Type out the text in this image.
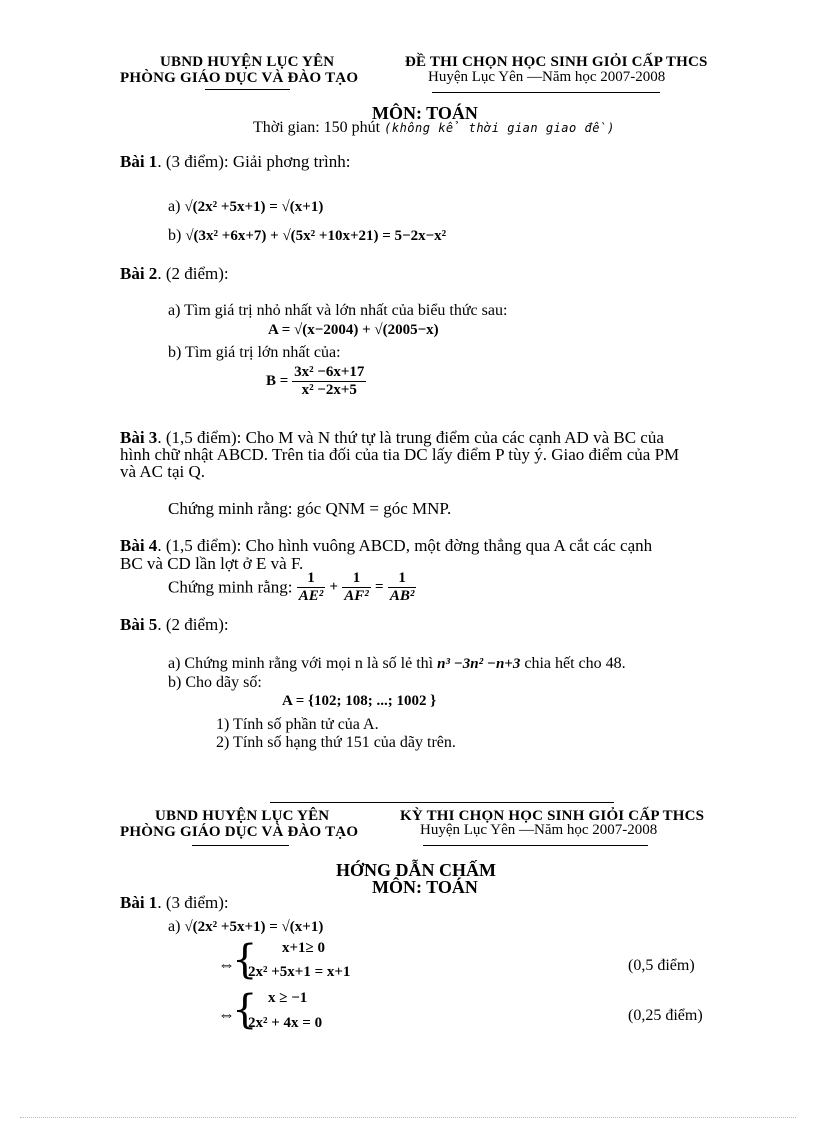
UBND HUYỆN LỤC YÊN
PHÒNG GIÁO DỤC VÀ ĐÀO TẠO
ĐỀ THI CHỌN HỌC SINH GIỎI CẤP THCS
Huyện Lục Yên —Năm học 2007-2008
MÔN: TOÁN
Thời gian: 150 phút (không kể thời gian giao đề)
Bài 1. (3 điểm): Giải phơng trình:
a) √(2x² +5x+1) = √(x+1)
b) √(3x² +6x+7) + √(5x² +10x+21) = 5−2x−x²
Bài 2. (2 điểm):
a) Tìm giá trị nhỏ nhất và lớn nhất của biểu thức sau:
A = √(x−2004) + √(2005−x)
b) Tìm giá trị lớn nhất của:
$B = \frac{\text{3x² −6x+17}}{\text{x² −2x+5}}$
Bài 3. (1,5 điểm): Cho M và N thứ tự là trung điểm của các cạnh AD và BC của
hình chữ nhật ABCD. Trên tia đối của tia DC lấy điểm P tùy ý. Giao điểm của PM
và AC tại Q.
Chứng minh rằng: góc QNM = góc MNP.
Bài 4. (1,5 điểm): Cho hình vuông ABCD, một đờng thẳng qua A cắt các cạnh
BC và CD lần lợt ở E và F.
Chứng minh rằng: $\frac{1}{\text{AE²}} + \frac{1}{\text{AF²}} = \frac{1}{\text{AB²}}$
Bài 5. (2 điểm):
a) Chứng minh rằng với mọi n là số lẻ thì n³ −3n² −n+3 chia hết cho 48.
b) Cho dãy số:
A = {102; 108; ...; 1002 }
1) Tính số phần tử của A.
2) Tính số hạng thứ 151 của dãy trên.
UBND HUYỆN LỤC YÊN
PHÒNG GIÁO DỤC VÀ ĐÀO TẠO
KỲ THI CHỌN HỌC SINH GIỎI CẤP THCS
Huyện Lục Yên —Năm học 2007-2008
HỚNG DẪN CHẤM
MÔN: TOÁN
Bài 1. (3 điểm):
a) √(2x² +5x+1) = √(x+1)
⇔
{ x+1≥ 0
2x² +5x+1 = x+1	(0,5 điểm)
⇔
{ x ≥ −1
2x² + 4x = 0	(0,25 điểm)
